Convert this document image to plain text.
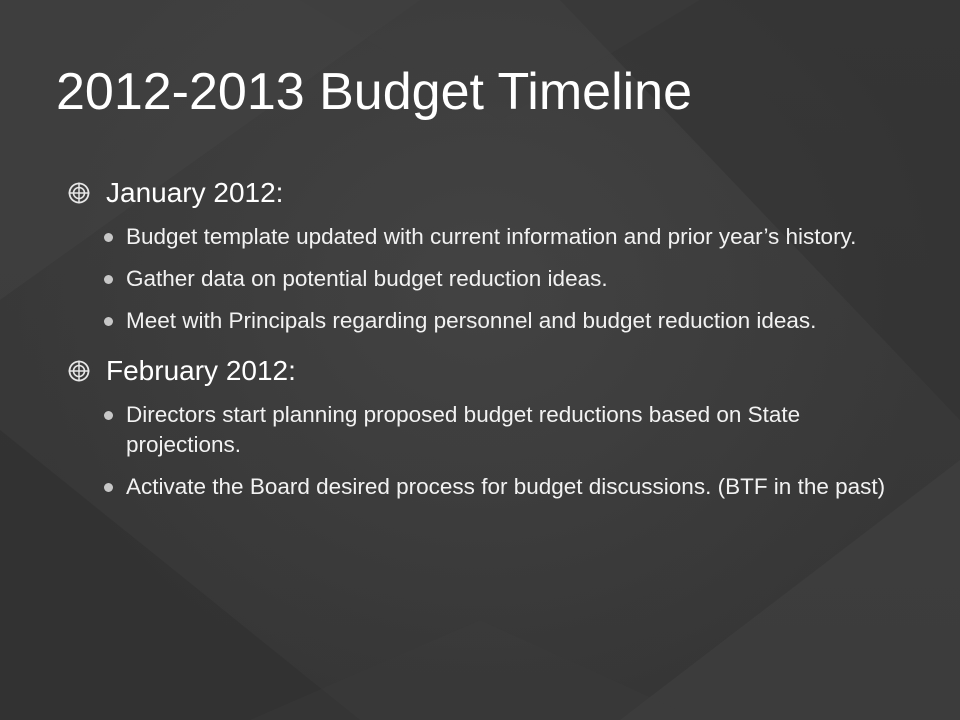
2012-2013 Budget Timeline
January 2012:
Budget template updated with current information and prior year’s history.
Gather data on potential budget reduction ideas.
Meet with Principals regarding personnel and budget reduction ideas.
February 2012:
Directors start planning proposed budget reductions based on State projections.
Activate the Board desired process for budget discussions. (BTF in the past)
